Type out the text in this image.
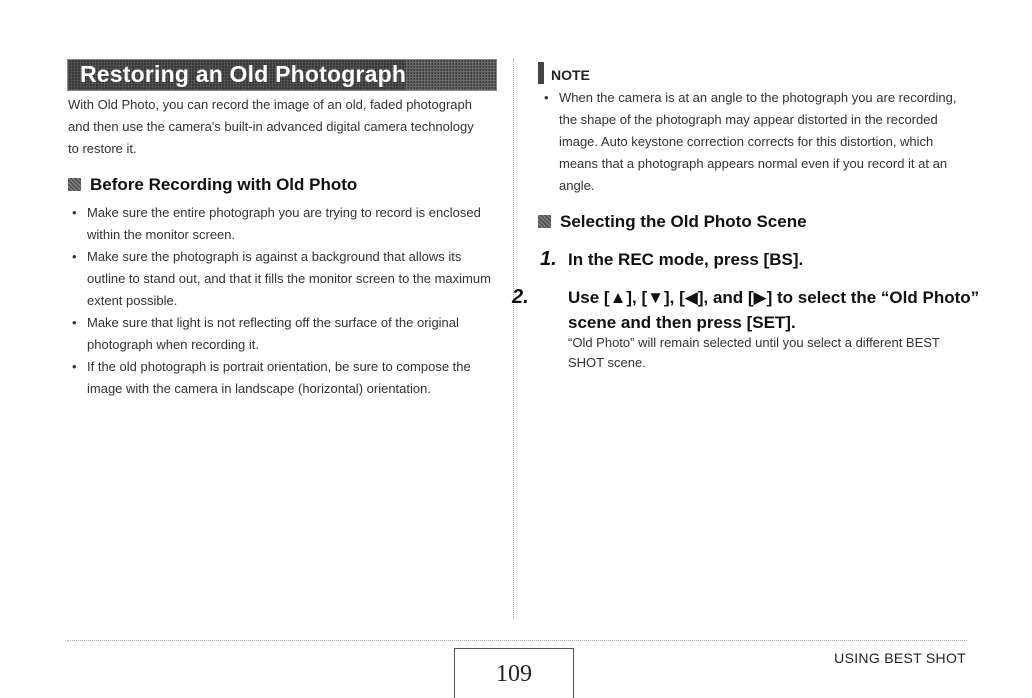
Restoring an Old Photograph
With Old Photo, you can record the image of an old, faded photograph and then use the camera's built-in advanced digital camera technology to restore it.
Before Recording with Old Photo
• Make sure the entire photograph you are trying to record is enclosed within the monitor screen.
• Make sure the photograph is against a background that allows its outline to stand out, and that it fills the monitor screen to the maximum extent possible.
• Make sure that light is not reflecting off the surface of the original photograph when recording it.
• If the old photograph is portrait orientation, be sure to compose the image with the camera in landscape (horizontal) orientation.
NOTE
• When the camera is at an angle to the photograph you are recording, the shape of the photograph may appear distorted in the recorded image. Auto keystone correction corrects for this distortion, which means that a photograph appears normal even if you record it at an angle.
Selecting the Old Photo Scene
1. In the REC mode, press [BS].
2. Use [▲], [▼], [◀], and [▶] to select the “Old Photo” scene and then press [SET].
“Old Photo” will remain selected until you select a different BEST SHOT scene.
109
USING BEST SHOT
